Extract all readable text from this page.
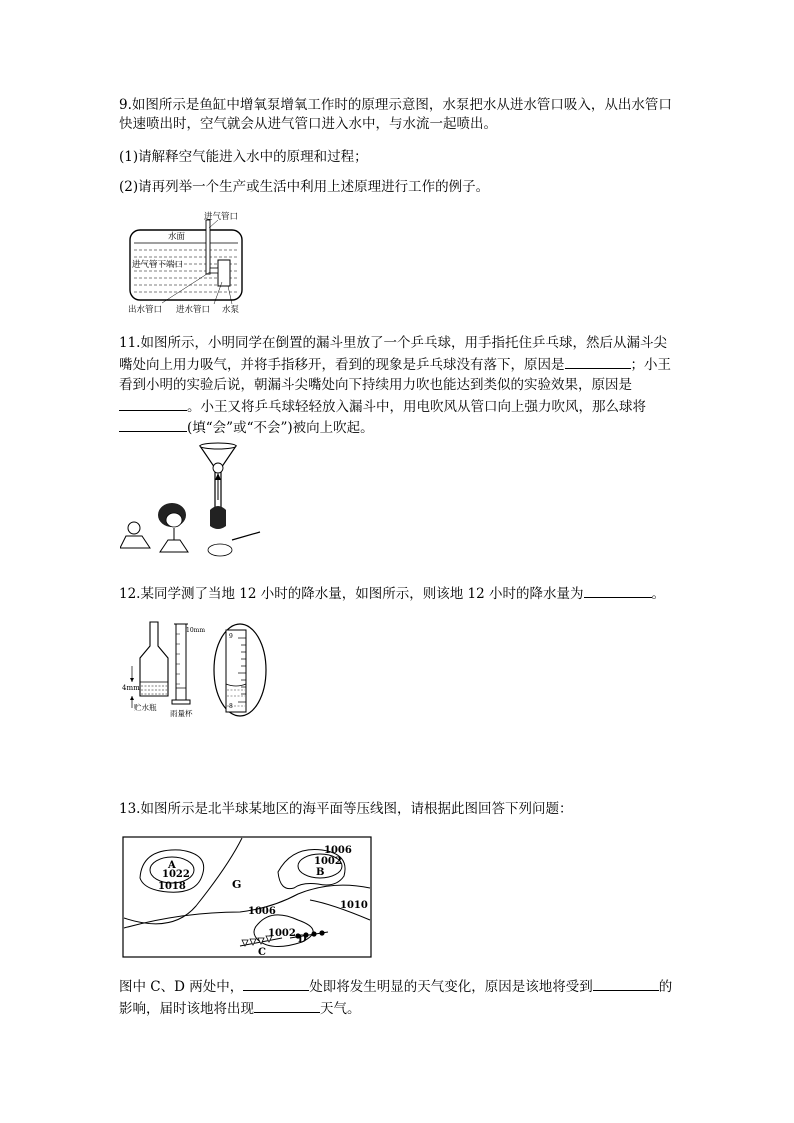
9.如图所示是鱼缸中增氧泵增氧工作时的原理示意图，水泵把水从进水管口吸入，从出水管口快速喷出时，空气就会从进气管口进入水中，与水流一起喷出。
(1)请解释空气能进入水中的原理和过程；
(2)请再列举一个生产或生活中利用上述原理进行工作的例子。
进气管口
水面
进气管下端口
出水管口 进水管口 水泵
11.如图所示，小明同学在倒置的漏斗里放了一个乒乓球，用手指托住乒乓球，然后从漏斗尖嘴处向上用力吸气，并将手指移开，看到的现象是乒乓球没有落下，原因是	；小王看到小明的实验后说，朝漏斗尖嘴处向下持续用力吹也能达到类似的实验效果，原因是。小王又将乒乓球轻轻放入漏斗中，用电吹风从管口向上强力吹风，那么球将(填“会”或“不会”)被向上吹起。
12.某同学测了当地 12 小时的降水量，如图所示，则该地 12 小时的降水量为	。
4mm
贮水瓶
10mm
雨量杯
9
8
13.如图所示是北半球某地区的海平面等压线图，请根据此图回答下列问题：
A
1022
1018	G
1006
1002
B
1010
1006
1002
C
D
图中 C、D 两处中，	处即将发生明显的天气变化，原因是该地将受到	的影响，届时该地将出现	天气。
